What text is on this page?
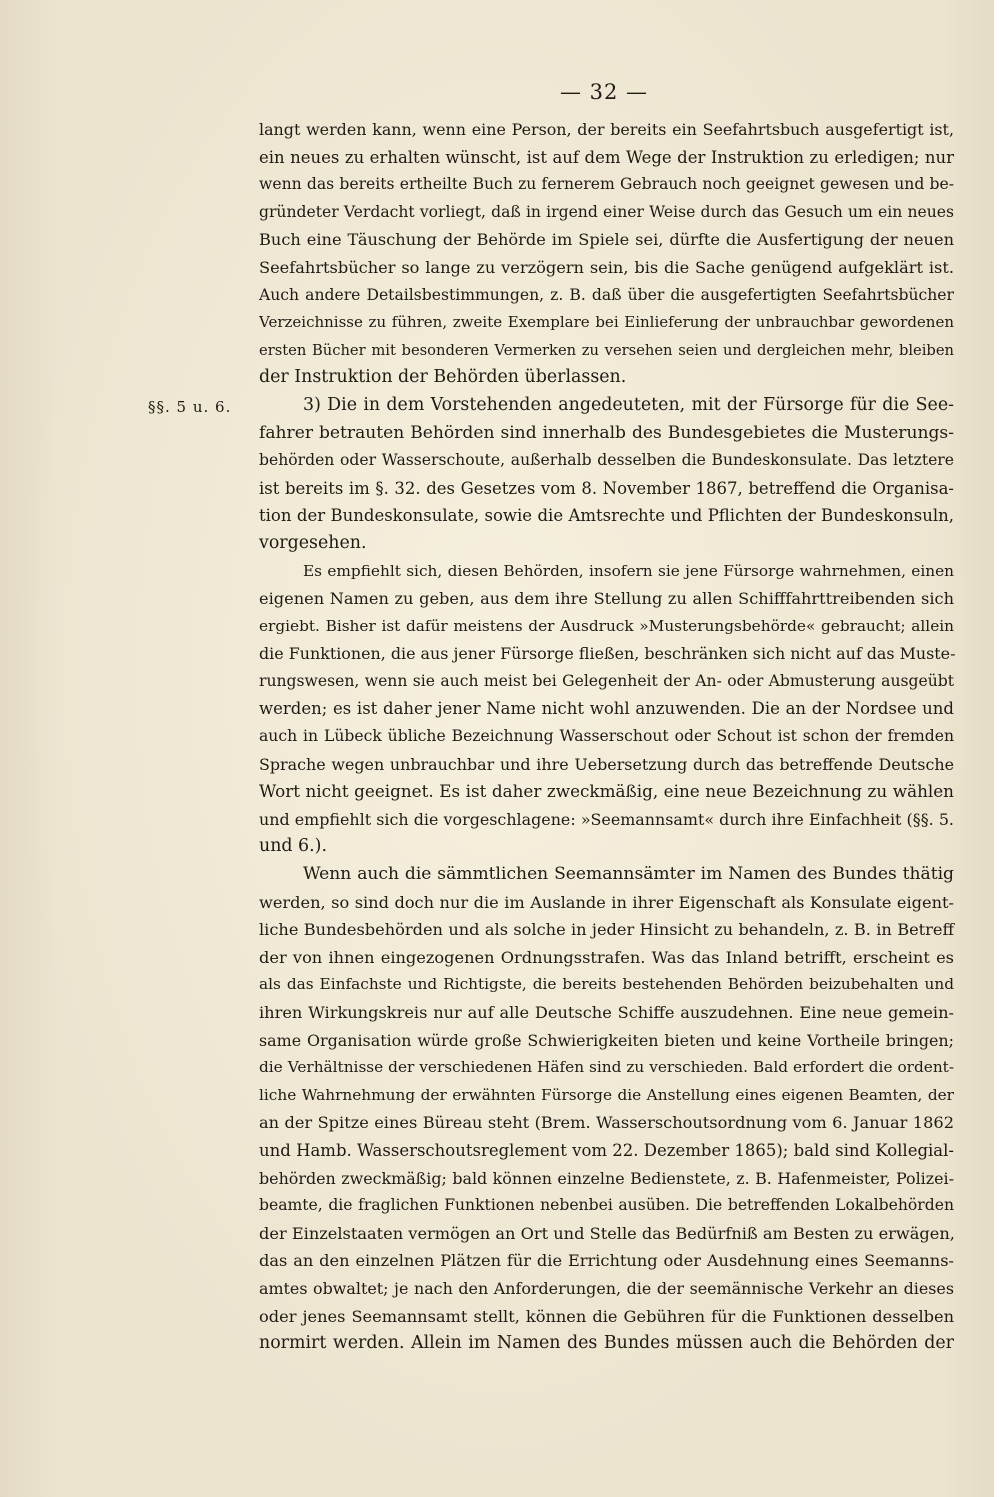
— 32 —
§§. 5 u. 6.
langt werden kann, wenn eine Person, der bereits ein Seefahrtsbuch ausgefertigt ist,
ein neues zu erhalten wünscht, ist auf dem Wege der Instruktion zu erledigen; nur
wenn das bereits ertheilte Buch zu fernerem Gebrauch noch geeignet gewesen und be-
gründeter Verdacht vorliegt, daß in irgend einer Weise durch das Gesuch um ein neues
Buch eine Täuschung der Behörde im Spiele sei, dürfte die Ausfertigung der neuen
Seefahrtsbücher so lange zu verzögern sein, bis die Sache genügend aufgeklärt ist.
Auch andere Detailsbestimmungen, z. B. daß über die ausgefertigten Seefahrtsbücher
Verzeichnisse zu führen, zweite Exemplare bei Einlieferung der unbrauchbar gewordenen
ersten Bücher mit besonderen Vermerken zu versehen seien und dergleichen mehr, bleiben
der Instruktion der Behörden überlassen.
3) Die in dem Vorstehenden angedeuteten, mit der Fürsorge für die See-
fahrer betrauten Behörden sind innerhalb des Bundesgebietes die Musterungs-
behörden oder Wasserschoute, außerhalb desselben die Bundeskonsulate. Das letztere
ist bereits im §. 32. des Gesetzes vom 8. November 1867, betreffend die Organisa-
tion der Bundeskonsulate, sowie die Amtsrechte und Pflichten der Bundeskonsuln,
vorgesehen.
Es empfiehlt sich, diesen Behörden, insofern sie jene Fürsorge wahrnehmen, einen
eigenen Namen zu geben, aus dem ihre Stellung zu allen Schifffahrttreibenden sich
ergiebt. Bisher ist dafür meistens der Ausdruck »Musterungsbehörde« gebraucht; allein
die Funktionen, die aus jener Fürsorge fließen, beschränken sich nicht auf das Muste-
rungswesen, wenn sie auch meist bei Gelegenheit der An- oder Abmusterung ausgeübt
werden; es ist daher jener Name nicht wohl anzuwenden. Die an der Nordsee und
auch in Lübeck übliche Bezeichnung Wasserschout oder Schout ist schon der fremden
Sprache wegen unbrauchbar und ihre Uebersetzung durch das betreffende Deutsche
Wort nicht geeignet. Es ist daher zweckmäßig, eine neue Bezeichnung zu wählen
und empfiehlt sich die vorgeschlagene: »Seemannsamt« durch ihre Einfachheit (§§. 5.
und 6.).
Wenn auch die sämmtlichen Seemannsämter im Namen des Bundes thätig
werden, so sind doch nur die im Auslande in ihrer Eigenschaft als Konsulate eigent-
liche Bundesbehörden und als solche in jeder Hinsicht zu behandeln, z. B. in Betreff
der von ihnen eingezogenen Ordnungsstrafen. Was das Inland betrifft, erscheint es
als das Einfachste und Richtigste, die bereits bestehenden Behörden beizubehalten und
ihren Wirkungskreis nur auf alle Deutsche Schiffe auszudehnen. Eine neue gemein-
same Organisation würde große Schwierigkeiten bieten und keine Vortheile bringen;
die Verhältnisse der verschiedenen Häfen sind zu verschieden. Bald erfordert die ordent-
liche Wahrnehmung der erwähnten Fürsorge die Anstellung eines eigenen Beamten, der
an der Spitze eines Büreau steht (Brem. Wasserschoutsordnung vom 6. Januar 1862
und Hamb. Wasserschoutsreglement vom 22. Dezember 1865); bald sind Kollegial-
behörden zweckmäßig; bald können einzelne Bedienstete, z. B. Hafenmeister, Polizei-
beamte, die fraglichen Funktionen nebenbei ausüben. Die betreffenden Lokalbehörden
der Einzelstaaten vermögen an Ort und Stelle das Bedürfniß am Besten zu erwägen,
das an den einzelnen Plätzen für die Errichtung oder Ausdehnung eines Seemanns-
amtes obwaltet; je nach den Anforderungen, die der seemännische Verkehr an dieses
oder jenes Seemannsamt stellt, können die Gebühren für die Funktionen desselben
normirt werden. Allein im Namen des Bundes müssen auch die Behörden der
